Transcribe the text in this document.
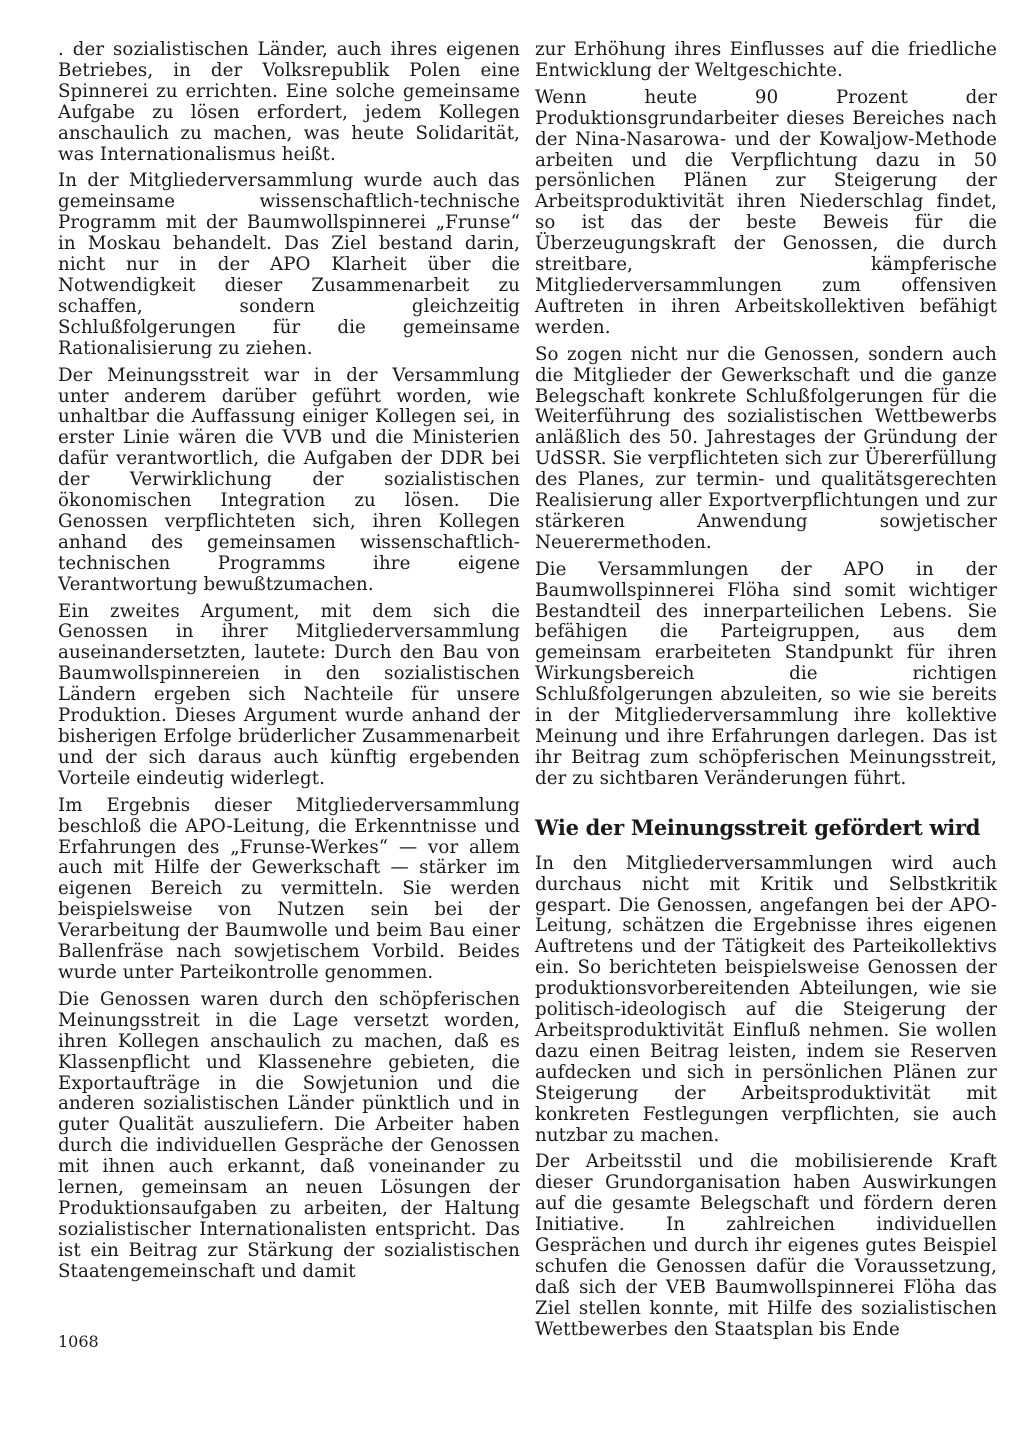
. der sozialistischen Länder, auch ihres eigenen Betriebes, in der Volksrepublik Polen eine Spinnerei zu errichten. Eine solche gemeinsame Aufgabe zu lösen erfordert, jedem Kollegen anschaulich zu machen, was heute Solidarität, was Internationalismus heißt.

In der Mitgliederversammlung wurde auch das gemeinsame wissenschaftlich-technische Programm mit der Baumwollspinnerei „Frunse“ in Moskau behandelt. Das Ziel bestand darin, nicht nur in der APO Klarheit über die Notwendigkeit dieser Zusammenarbeit zu schaffen, sondern gleichzeitig Schlußfolgerungen für die gemeinsame Rationalisierung zu ziehen.

Der Meinungsstreit war in der Versammlung unter anderem darüber geführt worden, wie unhaltbar die Auffassung einiger Kollegen sei, in erster Linie wären die VVB und die Ministerien dafür verantwortlich, die Aufgaben der DDR bei der Verwirklichung der sozialistischen ökonomischen Integration zu lösen. Die Genossen verpflichteten sich, ihren Kollegen anhand des gemeinsamen wissenschaftlich-technischen Programms ihre eigene Verantwortung bewußtzumachen.

Ein zweites Argument, mit dem sich die Genossen in ihrer Mitgliederversammlung auseinandersetzten, lautete: Durch den Bau von Baumwollspinnereien in den sozialistischen Ländern ergeben sich Nachteile für unsere Produktion. Dieses Argument wurde anhand der bisherigen Erfolge brüderlicher Zusammenarbeit und der sich daraus auch künftig ergebenden Vorteile eindeutig widerlegt.

Im Ergebnis dieser Mitgliederversammlung beschloß die APO-Leitung, die Erkenntnisse und Erfahrungen des „Frunse-Werkes“ — vor allem auch mit Hilfe der Gewerkschaft — stärker im eigenen Bereich zu vermitteln. Sie werden beispielsweise von Nutzen sein bei der Verarbeitung der Baumwolle und beim Bau einer Ballenfräse nach sowjetischem Vorbild. Beides wurde unter Parteikontrolle genommen.

Die Genossen waren durch den schöpferischen Meinungsstreit in die Lage versetzt worden, ihren Kollegen anschaulich zu machen, daß es Klassenpflicht und Klassenehre gebieten, die Exportaufträge in die Sowjetunion und die anderen sozialistischen Länder pünktlich und in guter Qualität auszuliefern. Die Arbeiter haben durch die individuellen Gespräche der Genossen mit ihnen auch erkannt, daß voneinander zu lernen, gemeinsam an neuen Lösungen der Produktionsaufgaben zu arbeiten, der Haltung sozialistischer Internationalisten entspricht. Das ist ein Beitrag zur Stärkung der sozialistischen Staatengemeinschaft und damit

zur Erhöhung ihres Einflusses auf die friedliche Entwicklung der Weltgeschichte.

Wenn heute 90 Prozent der Produktionsgrundarbeiter dieses Bereiches nach der Nina-Nasarowa- und der Kowaljow-Methode arbeiten und die Verpflichtung dazu in 50 persönlichen Plänen zur Steigerung der Arbeitsproduktivität ihren Niederschlag findet, so ist das der beste Beweis für die Überzeugungskraft der Genossen, die durch streitbare, kämpferische Mitgliederversammlungen zum offensiven Auftreten in ihren Arbeitskollektiven befähigt werden.

So zogen nicht nur die Genossen, sondern auch die Mitglieder der Gewerkschaft und die ganze Belegschaft konkrete Schlußfolgerungen für die Weiterführung des sozialistischen Wettbewerbs anläßlich des 50. Jahrestages der Gründung der UdSSR. Sie verpflichteten sich zur Übererfüllung des Planes, zur termin- und qualitätsgerechten Realisierung aller Exportverpflichtungen und zur stärkeren Anwendung sowjetischer Neuerermethoden.

Die Versammlungen der APO in der Baumwollspinnerei Flöha sind somit wichtiger Bestandteil des innerparteilichen Lebens. Sie befähigen die Parteigruppen, aus dem gemeinsam erarbeiteten Standpunkt für ihren Wirkungsbereich die richtigen Schlußfolgerungen abzuleiten, so wie sie bereits in der Mitgliederversammlung ihre kollektive Meinung und ihre Erfahrungen darlegen. Das ist ihr Beitrag zum schöpferischen Meinungsstreit, der zu sichtbaren Veränderungen führt.

Wie der Meinungsstreit gefördert wird

In den Mitgliederversammlungen wird auch durchaus nicht mit Kritik und Selbstkritik gespart. Die Genossen, angefangen bei der APO-Leitung, schätzen die Ergebnisse ihres eigenen Auftretens und der Tätigkeit des Parteikollektivs ein. So berichteten beispielsweise Genossen der produktionsvorbereitenden Abteilungen, wie sie politisch-ideologisch auf die Steigerung der Arbeitsproduktivität Einfluß nehmen. Sie wollen dazu einen Beitrag leisten, indem sie Reserven aufdecken und sich in persönlichen Plänen zur Steigerung der Arbeitsproduktivität mit konkreten Festlegungen verpflichten, sie auch nutzbar zu machen.

Der Arbeitsstil und die mobilisierende Kraft dieser Grundorganisation haben Auswirkungen auf die gesamte Belegschaft und fördern deren Initiative. In zahlreichen individuellen Gesprächen und durch ihr eigenes gutes Beispiel schufen die Genossen dafür die Voraussetzung, daß sich der VEB Baumwollspinnerei Flöha das Ziel stellen konnte, mit Hilfe des sozialistischen Wettbewerbes den Staatsplan bis Ende

1068
